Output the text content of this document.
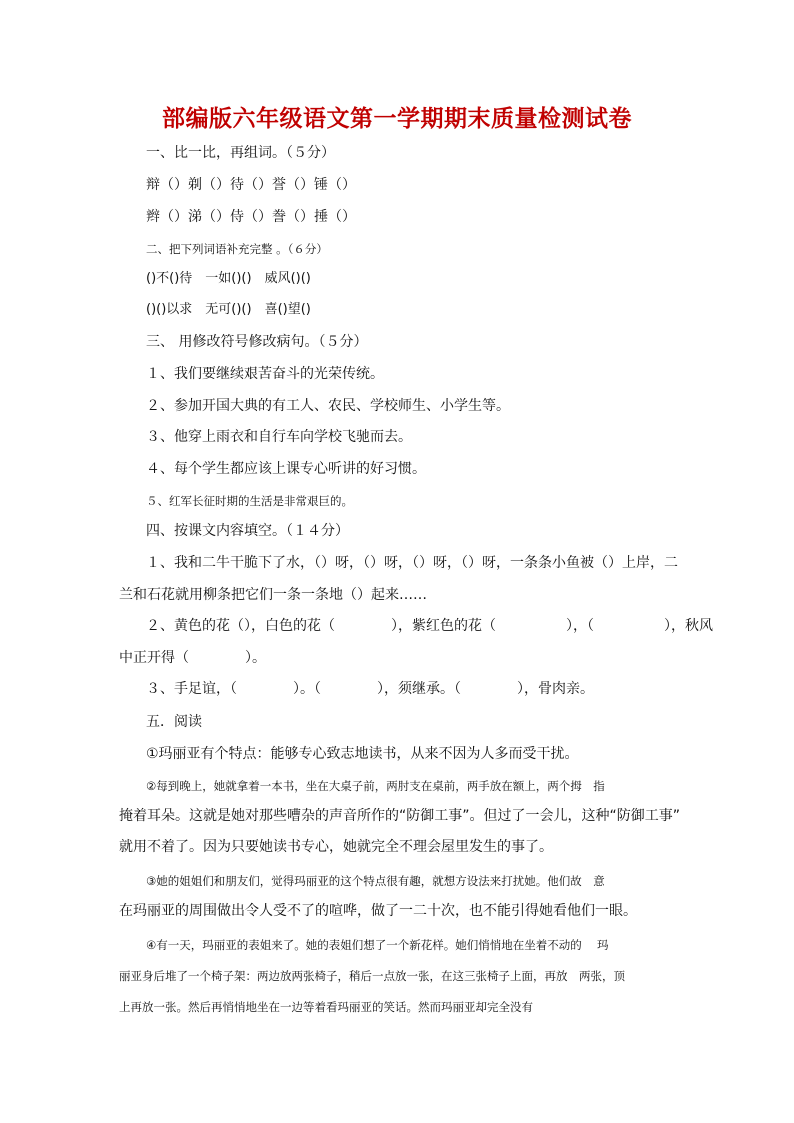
部编版六年级语文第一学期期末质量检测试卷
一、比一比，再组词。（５分）
辩（）剃（）待（）誉（）锤（）
辫（）涕（）侍（）誊（）捶（）
二、把下列词语补充完整 。（６分）
()不()待　一如()()　威风()()
()()以求　无可()()　喜()望()
三、 用修改符号修改病句。（５分）
１、我们要继续艰苦奋斗的光荣传统。
２、参加开国大典的有工人、农民、学校师生、小学生等。
３、他穿上雨衣和自行车向学校飞驰而去。
４、每个学生都应该上课专心听讲的好习惯。
５、红军长征时期的生活是非常艰巨的。
四、按课文内容填空。（１４分）
１、我和二牛干脆下了水，（）呀，（）呀，（）呀，（）呀，一条条小鱼被（）上岸，二
兰和石花就用柳条把它们一条一条地（）起来……
２、黄色的花（），白色的花（　　　　），紫红色的花（　　　　　），（　　　　　），秋风
中正开得（　　　　）。
３、手足谊，（　　　　）。（　　　　），须继承。（　　　　），骨肉亲。
五．阅读
①玛丽亚有个特点：能够专心致志地读书，从来不因为人多而受干扰。
②每到晚上，她就拿着一本书，坐在大桌子前，两肘支在桌前，两手放在额上，两个拇　指
掩着耳朵。这就是她对那些嘈杂的声音所作的“防御工事”。但过了一会儿，这种“防御工事”
就用不着了。因为只要她读书专心，她就完全不理会屋里发生的事了。
③她的姐姐们和朋友们，觉得玛丽亚的这个特点很有趣，就想方设法来打扰她。他们故　意
在玛丽亚的周围做出令人受不了的喧哗，做了一二十次，也不能引得她看他们一眼。
④有一天，玛丽亚的表姐来了。她的表姐们想了一个新花样。她们悄悄地在坐着不动的　 玛
丽亚身后堆了一个椅子架：两边放两张椅子，稍后一点放一张，在这三张椅子上面，再放　两张，顶
上再放一张。然后再悄悄地坐在一边等着看玛丽亚的笑话。然而玛丽亚却完全没有
